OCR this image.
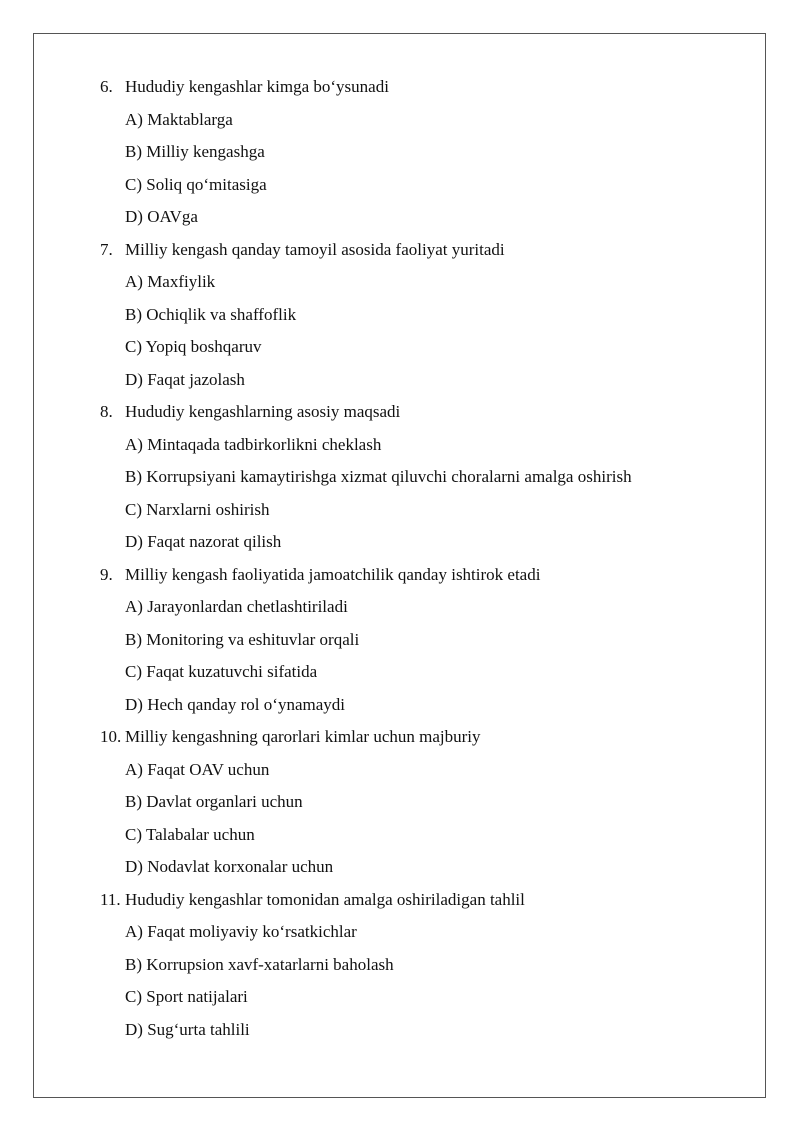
6. Hududiy kengashlar kimga bo‘ysunadi
A) Maktablarga
B) Milliy kengashga
C) Soliq qo‘mitasiga
D) OAVga
7. Milliy kengash qanday tamoyil asosida faoliyat yuritadi
A) Maxfiylik
B) Ochiqlik va shaffoflik
C) Yopiq boshqaruv
D) Faqat jazolash
8. Hududiy kengashlarning asosiy maqsadi
A) Mintaqada tadbirkorlikni cheklash
B) Korrupsiyani kamaytirishga xizmat qiluvchi choralarni amalga oshirish
C) Narxlarni oshirish
D) Faqat nazorat qilish
9. Milliy kengash faoliyatida jamoatchilik qanday ishtirok etadi
A) Jarayonlardan chetlashtiriladi
B) Monitoring va eshituvlar orqali
C) Faqat kuzatuvchi sifatida
D) Hech qanday rol o‘ynamaydi
10. Milliy kengashning qarorlari kimlar uchun majburiy
A) Faqat OAV uchun
B) Davlat organlari uchun
C) Talabalar uchun
D) Nodavlat korxonalar uchun
11. Hududiy kengashlar tomonidan amalga oshiriladigan tahlil
A) Faqat moliyaviy ko‘rsatkichlar
B) Korrupsion xavf-xatarlarni baholash
C) Sport natijalari
D) Sug‘urta tahlili
